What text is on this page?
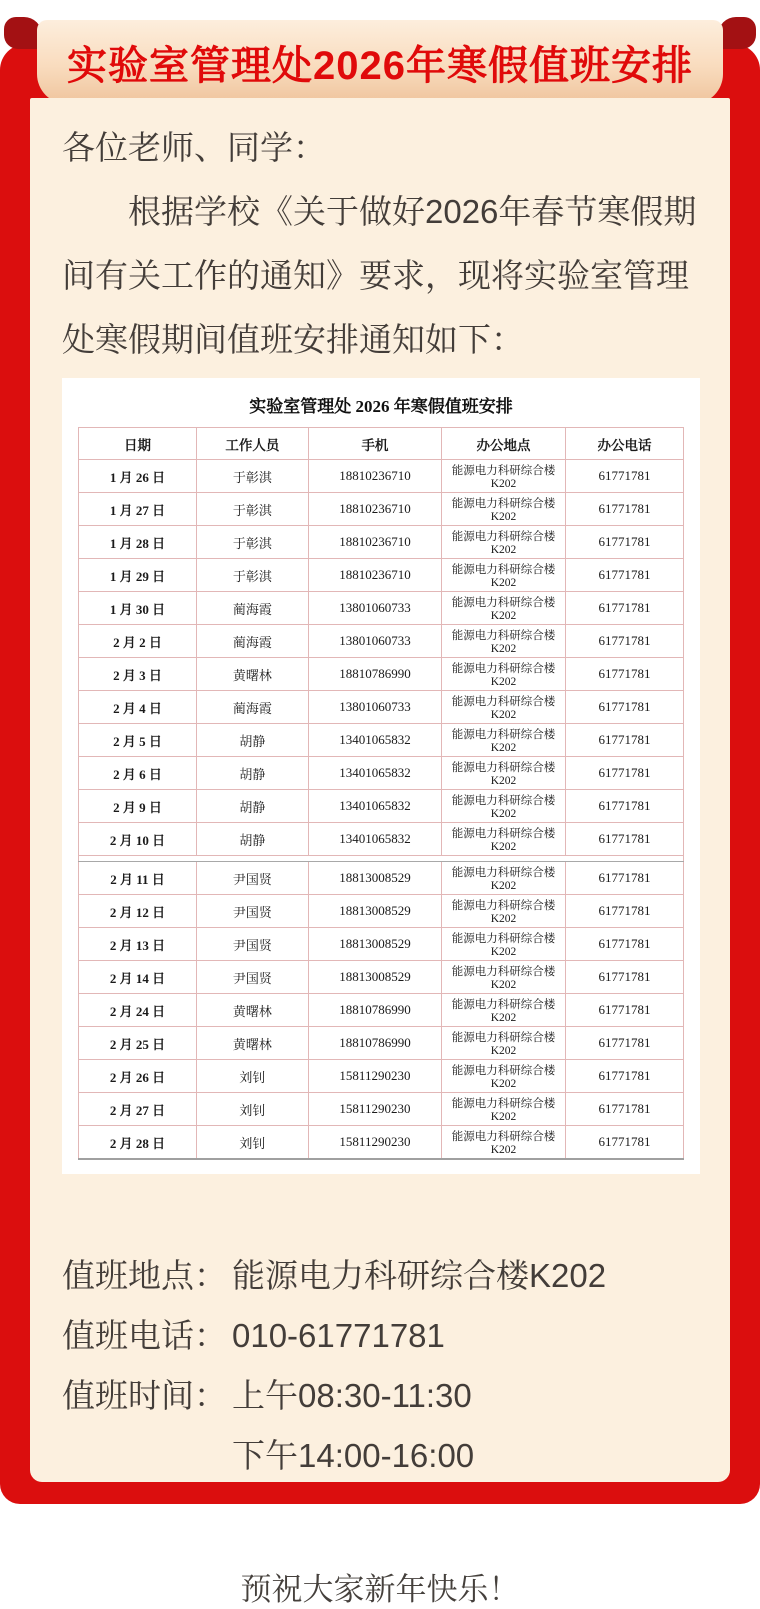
实验室管理处2026年寒假值班安排

各位老师、同学：

根据学校《关于做好2026年春节寒假期间有关工作的通知》要求，现将实验室管理处寒假期间值班安排通知如下：

实验室管理处 2026 年寒假值班安排
日期	工作人员	手机	办公地点	办公电话
1 月 26 日	于彰淇	18810236710	能源电力科研综合楼 K202	61771781
1 月 27 日	于彰淇	18810236710	能源电力科研综合楼 K202	61771781
1 月 28 日	于彰淇	18810236710	能源电力科研综合楼 K202	61771781
1 月 29 日	于彰淇	18810236710	能源电力科研综合楼 K202	61771781
1 月 30 日	蔺海霞	13801060733	能源电力科研综合楼 K202	61771781
2 月 2 日	蔺海霞	13801060733	能源电力科研综合楼 K202	61771781
2 月 3 日	黄曙林	18810786990	能源电力科研综合楼 K202	61771781
2 月 4 日	蔺海霞	13801060733	能源电力科研综合楼 K202	61771781
2 月 5 日	胡静	13401065832	能源电力科研综合楼 K202	61771781
2 月 6 日	胡静	13401065832	能源电力科研综合楼 K202	61771781
2 月 9 日	胡静	13401065832	能源电力科研综合楼 K202	61771781
2 月 10 日	胡静	13401065832	能源电力科研综合楼 K202	61771781

2 月 11 日	尹国贤	18813008529	能源电力科研综合楼 K202	61771781
2 月 12 日	尹国贤	18813008529	能源电力科研综合楼 K202	61771781
2 月 13 日	尹国贤	18813008529	能源电力科研综合楼 K202	61771781
2 月 14 日	尹国贤	18813008529	能源电力科研综合楼 K202	61771781
2 月 24 日	黄曙林	18810786990	能源电力科研综合楼 K202	61771781
2 月 25 日	黄曙林	18810786990	能源电力科研综合楼 K202	61771781
2 月 26 日	刘钊	15811290230	能源电力科研综合楼 K202	61771781
2 月 27 日	刘钊	15811290230	能源电力科研综合楼 K202	61771781
2 月 28 日	刘钊	15811290230	能源电力科研综合楼 K202	61771781
值班地点： 能源电力科研综合楼K202
值班电话： 010-61771781
值班时间： 上午08:30-11:30
下午14:00-16:00
预祝大家新年快乐！
